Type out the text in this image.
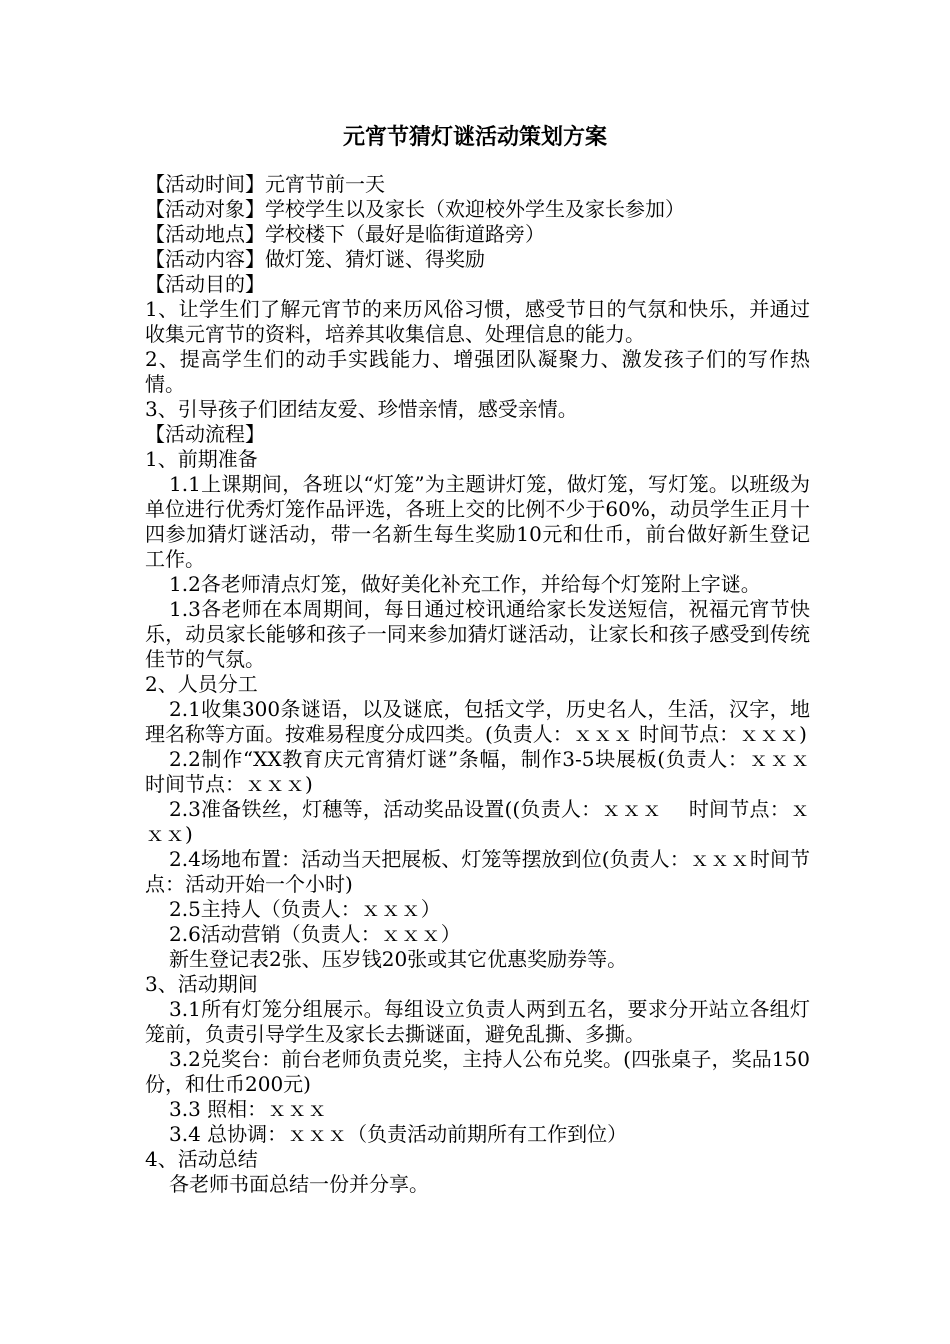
元宵节猜灯谜活动策划方案

【活动时间】元宵节前一天

【活动对象】学校学生以及家长（欢迎校外学生及家长参加）

【活动地点】学校楼下（最好是临街道路旁）

【活动内容】做灯笼、猜灯谜、得奖励

【活动目的】

1、让学生们了解元宵节的来历风俗习惯，感受节日的气氛和快乐，并通过收集元宵节的资料，培养其收集信息、处理信息的能力。

2、提高学生们的动手实践能力、增强团队凝聚力、激发孩子们的写作热情。

3、引导孩子们团结友爱、珍惜亲情，感受亲情。

【活动流程】

1、前期准备

1.1上课期间，各班以“灯笼”为主题讲灯笼，做灯笼，写灯笼。以班级为单位进行优秀灯笼作品评选，各班上交的比例不少于60%，动员学生正月十四参加猜灯谜活动，带一名新生每生奖励10元和仕币，前台做好新生登记工作。

1.2各老师清点灯笼，做好美化补充工作，并给每个灯笼附上字谜。

1.3各老师在本周期间，每日通过校讯通给家长发送短信，祝福元宵节快乐，动员家长能够和孩子一同来参加猜灯谜活动，让家长和孩子感受到传统佳节的气氛。

2、人员分工

2.1收集300条谜语，以及谜底，包括文学，历史名人，生活，汉字，地理名称等方面。按难易程度分成四类。(负责人：ｘｘｘ 时间节点：ｘｘｘ)

2.2制作“XX教育庆元宵猜灯谜”条幅，制作3-5块展板(负责人：ｘｘｘ 时间节点：ｘｘｘ)

2.3准备铁丝，灯穗等，活动奖品设置((负责人：ｘｘｘ 　时间节点：ｘｘｘ)

2.4场地布置：活动当天把展板、灯笼等摆放到位(负责人：ｘｘｘ时间节点：活动开始一个小时)

2.5主持人（负责人：ｘｘｘ）

2.6活动营销（负责人：ｘｘｘ）

新生登记表2张、压岁钱20张或其它优惠奖励券等。

3、活动期间

3.1所有灯笼分组展示。每组设立负责人两到五名，要求分开站立各组灯笼前，负责引导学生及家长去撕谜面，避免乱撕、多撕。

3.2兑奖台：前台老师负责兑奖，主持人公布兑奖。(四张桌子，奖品150份，和仕币200元)

3.3 照相：ｘｘｘ

3.4 总协调：ｘｘｘ（负责活动前期所有工作到位）

4、活动总结

各老师书面总结一份并分享。
